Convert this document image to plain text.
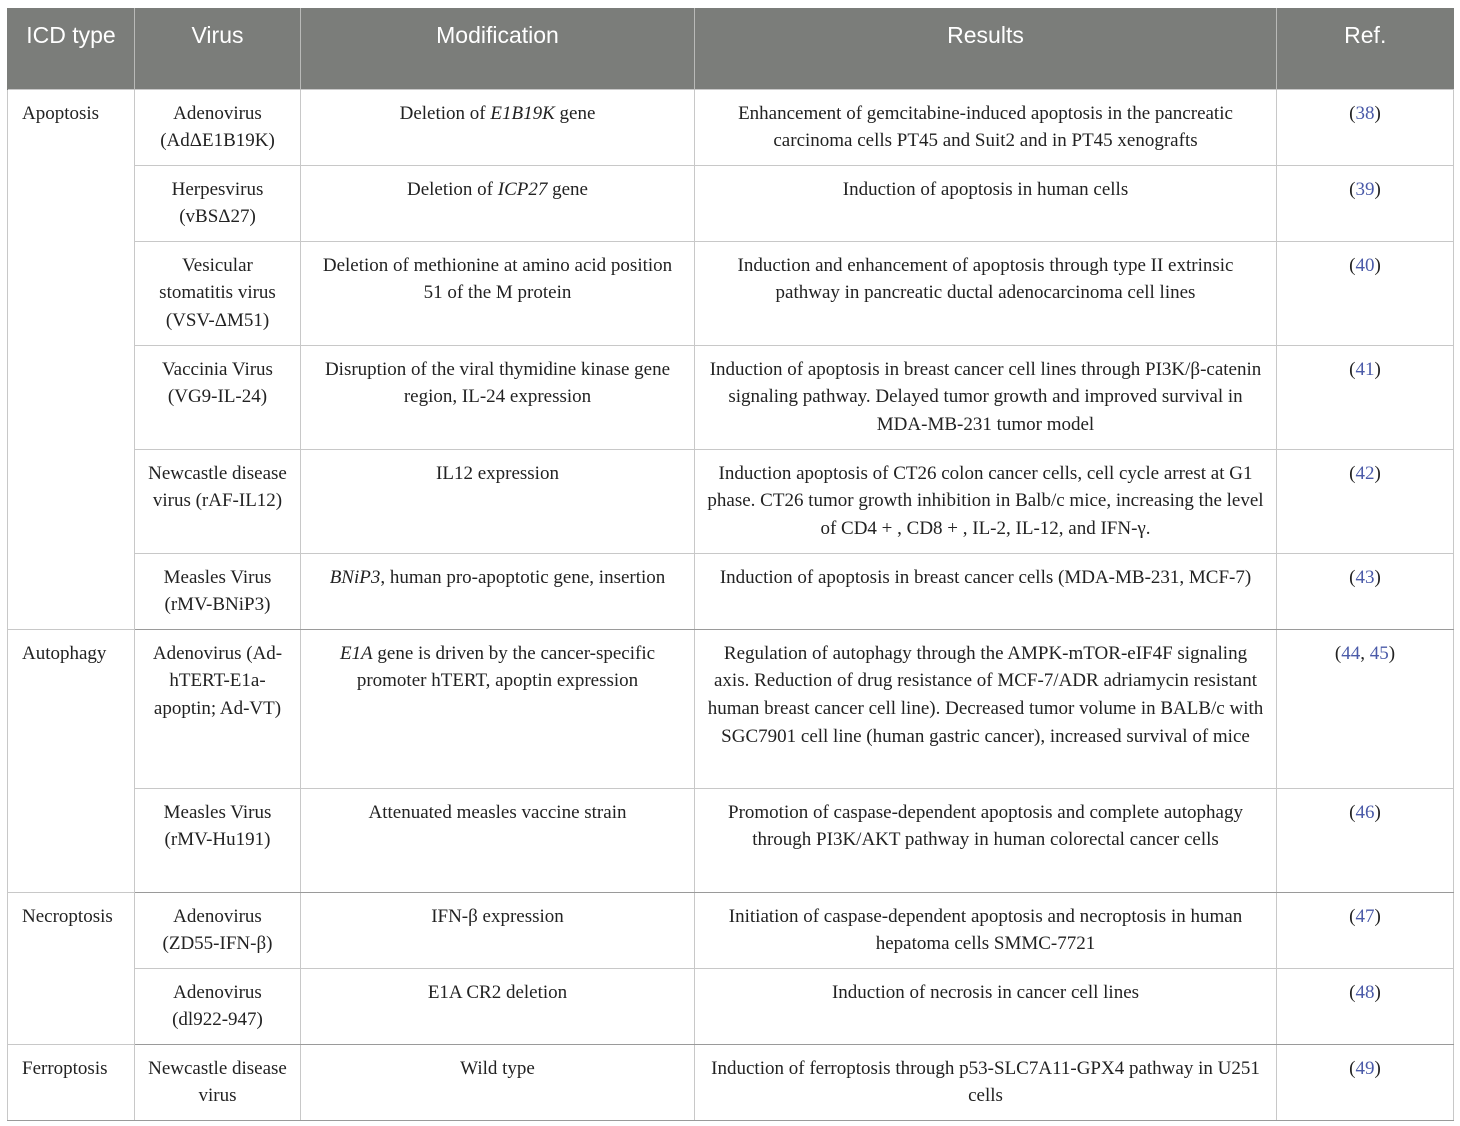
ICD type	Virus	Modification	Results	Ref.
Apoptosis	Adenovirus (AdΔE1B19K)	Deletion of E1B19K gene	Enhancement of gemcitabine-induced apoptosis in the pancreatic carcinoma cells PT45 and Suit2 and in PT45 xenografts	(38)
	Herpesvirus (vBSΔ27)	Deletion of ICP27 gene	Induction of apoptosis in human cells	(39)
	Vesicular stomatitis virus (VSV-ΔM51)	Deletion of methionine at amino acid position 51 of the M protein	Induction and enhancement of apoptosis through type II extrinsic pathway in pancreatic ductal adenocarcinoma cell lines	(40)
	Vaccinia Virus (VG9-IL-24)	Disruption of the viral thymidine kinase gene region, IL-24 expression	Induction of apoptosis in breast cancer cell lines through PI3K/β-catenin signaling pathway. Delayed tumor growth and improved survival in MDA-MB-231 tumor model	(41)
	Newcastle disease virus (rAF-IL12)	IL12 expression	Induction apoptosis of CT26 colon cancer cells, cell cycle arrest at G1 phase. CT26 tumor growth inhibition in Balb/c mice, increasing the level of CD4 + , CD8 + , IL-2, IL-12, and IFN-γ.	(42)
	Measles Virus (rMV-BNiP3)	BNiP3, human pro-apoptotic gene, insertion	Induction of apoptosis in breast cancer cells (MDA-MB-231, MCF-7)	(43)
Autophagy	Adenovirus (Ad-hTERT-E1a-apoptin; Ad-VT)	E1A gene is driven by the cancer-specific promoter hTERT, apoptin expression	Regulation of autophagy through the AMPK-mTOR-eIF4F signaling axis. Reduction of drug resistance of MCF-7/ADR adriamycin resistant human breast cancer cell line). Decreased tumor volume in BALB/c with SGC7901 cell line (human gastric cancer), increased survival of mice	(44, 45)
	Measles Virus (rMV-Hu191)	Attenuated measles vaccine strain	Promotion of caspase-dependent apoptosis and complete autophagy through PI3K/AKT pathway in human colorectal cancer cells	(46)
Necroptosis	Adenovirus (ZD55-IFN-β)	IFN-β expression	Initiation of caspase-dependent apoptosis and necroptosis in human hepatoma cells SMMC-7721	(47)
	Adenovirus (dl922-947)	E1A CR2 deletion	Induction of necrosis in cancer cell lines	(48)
Ferroptosis	Newcastle disease virus	Wild type	Induction of ferroptosis through p53-SLC7A11-GPX4 pathway in U251 cells	(49)
